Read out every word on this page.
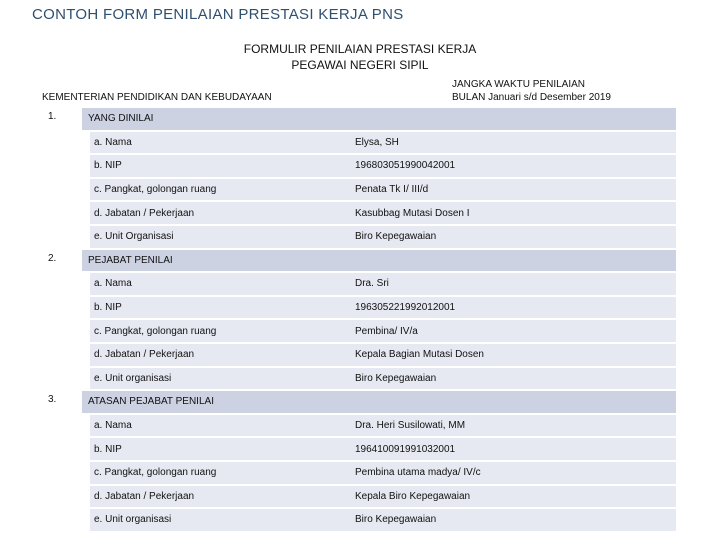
CONTOH FORM PENILAIAN PRESTASI KERJA PNS
FORMULIR PENILAIAN PRESTASI KERJA
PEGAWAI NEGERI SIPIL
KEMENTERIAN PENDIDIKAN DAN KEBUDAYAAN
JANGKA WAKTU PENILAIAN
BULAN Januari s/d Desember 2019
1.	YANG DINILAI		
		a. Nama	Elysa, SH
		b. NIP	196803051990042001
		c. Pangkat, golongan ruang	Penata Tk I/ III/d
		d. Jabatan / Pekerjaan	Kasubbag Mutasi Dosen I
		e. Unit Organisasi	Biro Kepegawaian
2.	PEJABAT PENILAI		
		a. Nama	Dra. Sri
		b. NIP	196305221992012001
		c. Pangkat, golongan ruang	Pembina/ IV/a
		d. Jabatan / Pekerjaan	Kepala Bagian Mutasi Dosen
		e. Unit organisasi	Biro Kepegawaian
3.	ATASAN PEJABAT PENILAI		
		a. Nama	Dra. Heri Susilowati, MM
		b. NIP	196410091991032001
		c. Pangkat, golongan ruang	Pembina utama madya/ IV/c
		d. Jabatan / Pekerjaan	Kepala Biro Kepegawaian
		e. Unit organisasi	Biro Kepegawaian
